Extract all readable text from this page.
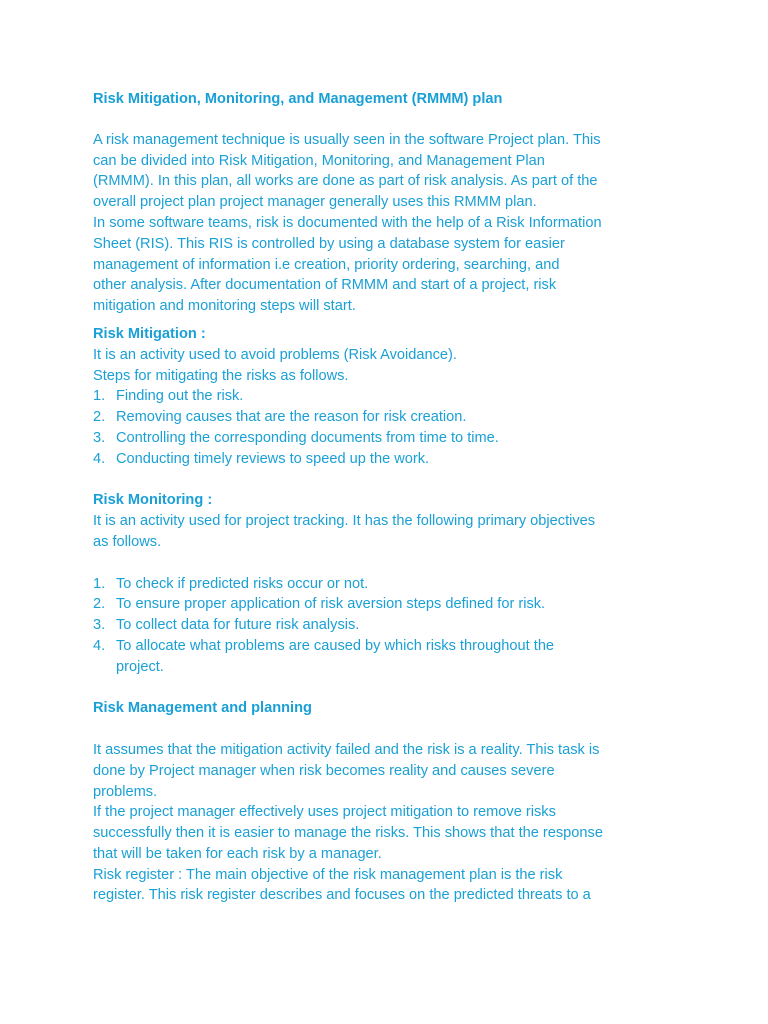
Risk Mitigation, Monitoring, and Management (RMMM) plan
A risk management technique is usually seen in the software Project plan. This
can be divided into Risk Mitigation, Monitoring, and Management Plan
(RMMM). In this plan, all works are done as part of risk analysis. As part of the
overall project plan project manager generally uses this RMMM plan.
In some software teams, risk is documented with the help of a Risk Information
Sheet (RIS). This RIS is controlled by using a database system for easier
management of information i.e creation, priority ordering, searching, and
other analysis. After documentation of RMMM and start of a project, risk
mitigation and monitoring steps will start.
Risk Mitigation :
It is an activity used to avoid problems (Risk Avoidance).
Steps for mitigating the risks as follows.
1. Finding out the risk.
2. Removing causes that are the reason for risk creation.
3. Controlling the corresponding documents from time to time.
4. Conducting timely reviews to speed up the work.
Risk Monitoring :
It is an activity used for project tracking. It has the following primary objectives
as follows.
1. To check if predicted risks occur or not.
2. To ensure proper application of risk aversion steps defined for risk.
3. To collect data for future risk analysis.
4. To allocate what problems are caused by which risks throughout the
project.
Risk Management and planning
It assumes that the mitigation activity failed and the risk is a reality. This task is
done by Project manager when risk becomes reality and causes severe
problems.
If the project manager effectively uses project mitigation to remove risks
successfully then it is easier to manage the risks. This shows that the response
that will be taken for each risk by a manager.
Risk register : The main objective of the risk management plan is the risk
register. This risk register describes and focuses on the predicted threats to a
